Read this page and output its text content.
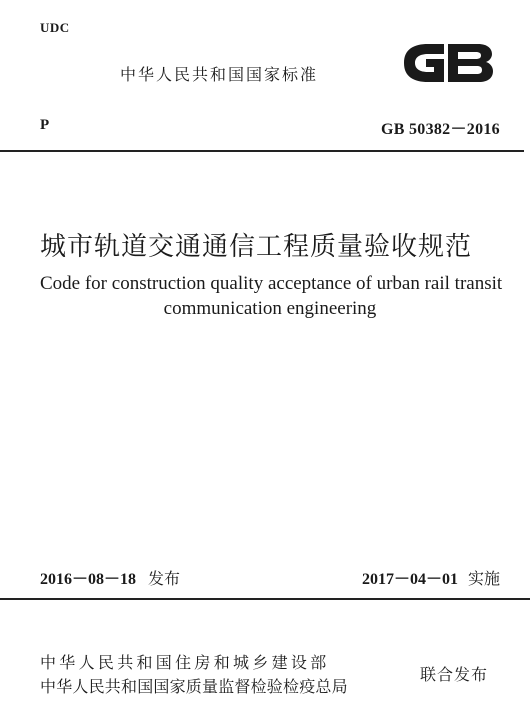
UDC
中华人民共和国国家标准
P	GB 50382－2016
城市轨道交通通信工程质量验收规范
Code for construction quality acceptance of urban rail transit
communication engineering
2016－08－18 发布	2017－04－01 实施
中华人民共和国住房和城乡建设部
中华人民共和国国家质量监督检验检疫总局
联合发布
